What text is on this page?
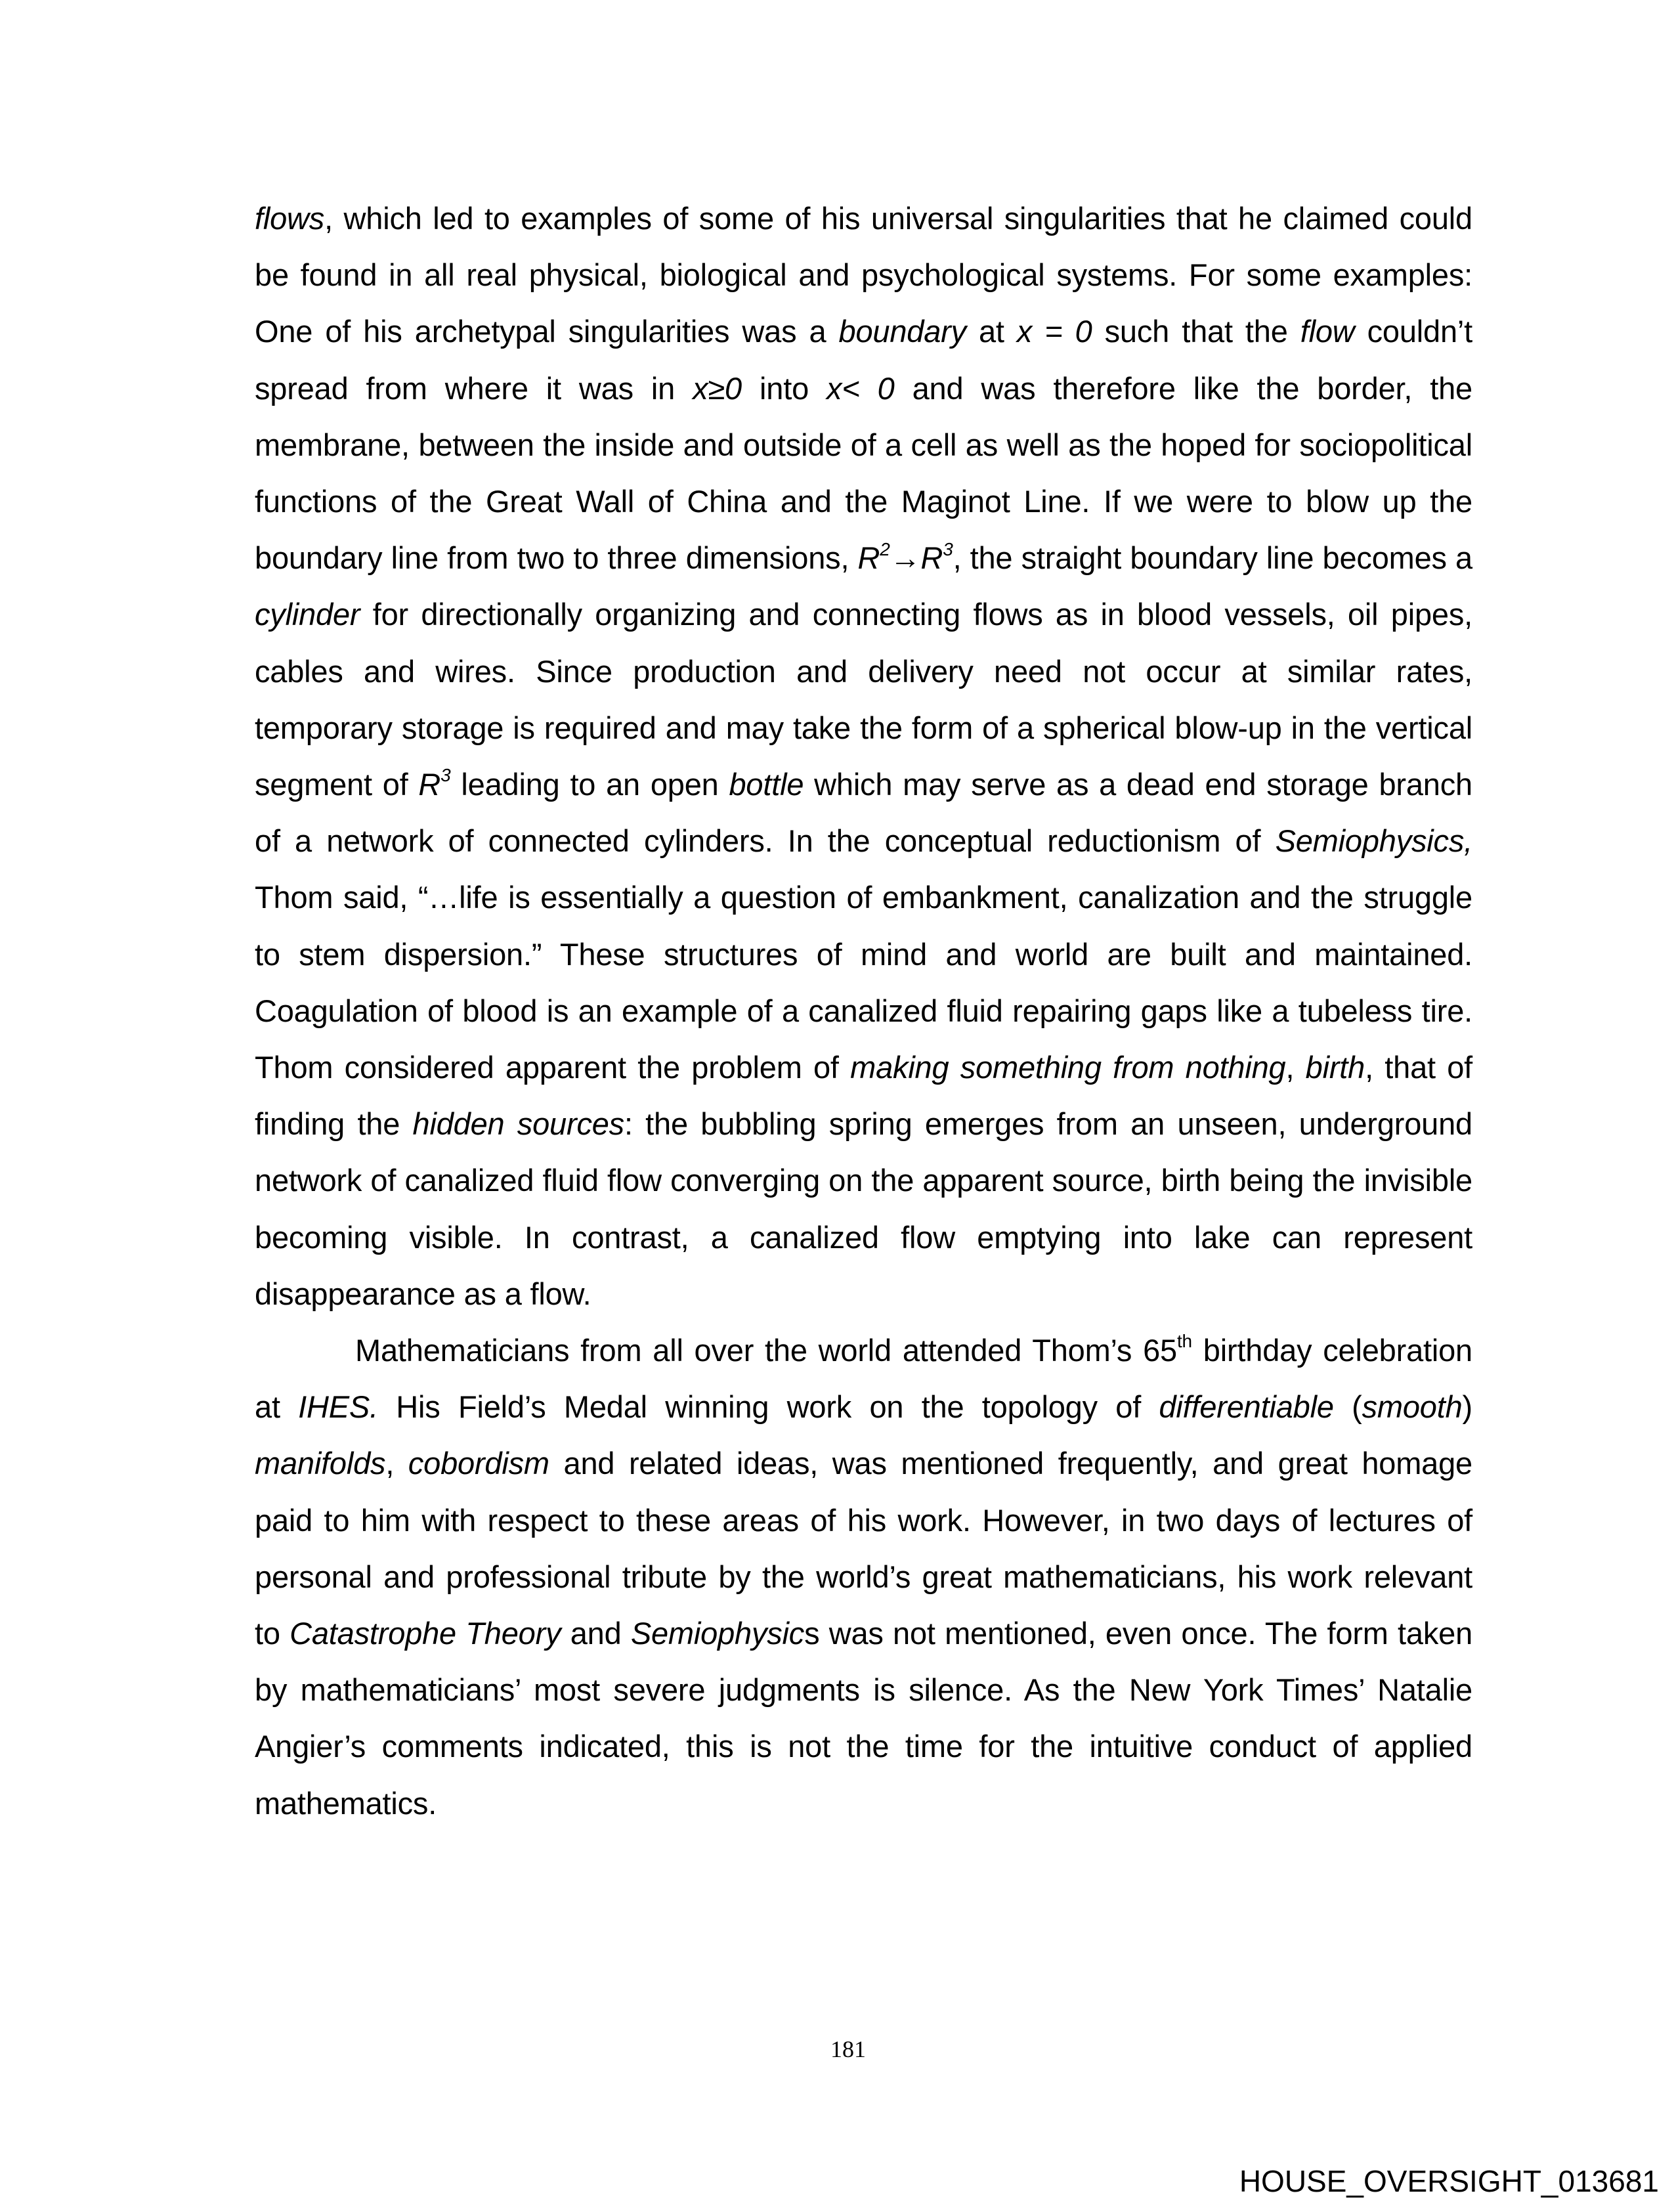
flows, which led to examples of some of his universal singularities that he claimed could be found in all real physical, biological and psychological systems. For some examples: One of his archetypal singularities was a boundary at x = 0 such that the flow couldn’t spread from where it was in x≥0 into x< 0 and was therefore like the border, the membrane, between the inside and outside of a cell as well as the hoped for sociopolitical functions of the Great Wall of China and the Maginot Line. If we were to blow up the boundary line from two to three dimensions, $R^2\to R^3$, the straight boundary line becomes a cylinder for directionally organizing and connecting flows as in blood vessels, oil pipes, cables and wires. Since production and delivery need not occur at similar rates, temporary storage is required and may take the form of a spherical blow-up in the vertical segment of $R^3$ leading to an open bottle which may serve as a dead end storage branch of a network of connected cylinders. In the conceptual reductionism of Semiophysics, Thom said, “…life is essentially a question of embankment, canalization and the struggle to stem dispersion.” These structures of mind and world are built and maintained. Coagulation of blood is an example of a canalized fluid repairing gaps like a tubeless tire. Thom considered apparent the problem of making something from nothing, birth, that of finding the hidden sources: the bubbling spring emerges from an unseen, underground network of canalized fluid flow converging on the apparent source, birth being the invisible becoming visible. In contrast, a canalized flow emptying into lake can represent disappearance as a flow.

Mathematicians from all over the world attended Thom’s 65th birthday celebration at IHES. His Field’s Medal winning work on the topology of differentiable (smooth) manifolds, cobordism and related ideas, was mentioned frequently, and great homage paid to him with respect to these areas of his work. However, in two days of lectures of personal and professional tribute by the world’s great mathematicians, his work relevant to Catastrophe Theory and Semiophysics was not mentioned, even once. The form taken by mathematicians’ most severe judgments is silence. As the New York Times’ Natalie Angier’s comments indicated, this is not the time for the intuitive conduct of applied mathematics.

181
HOUSE_OVERSIGHT_013681
